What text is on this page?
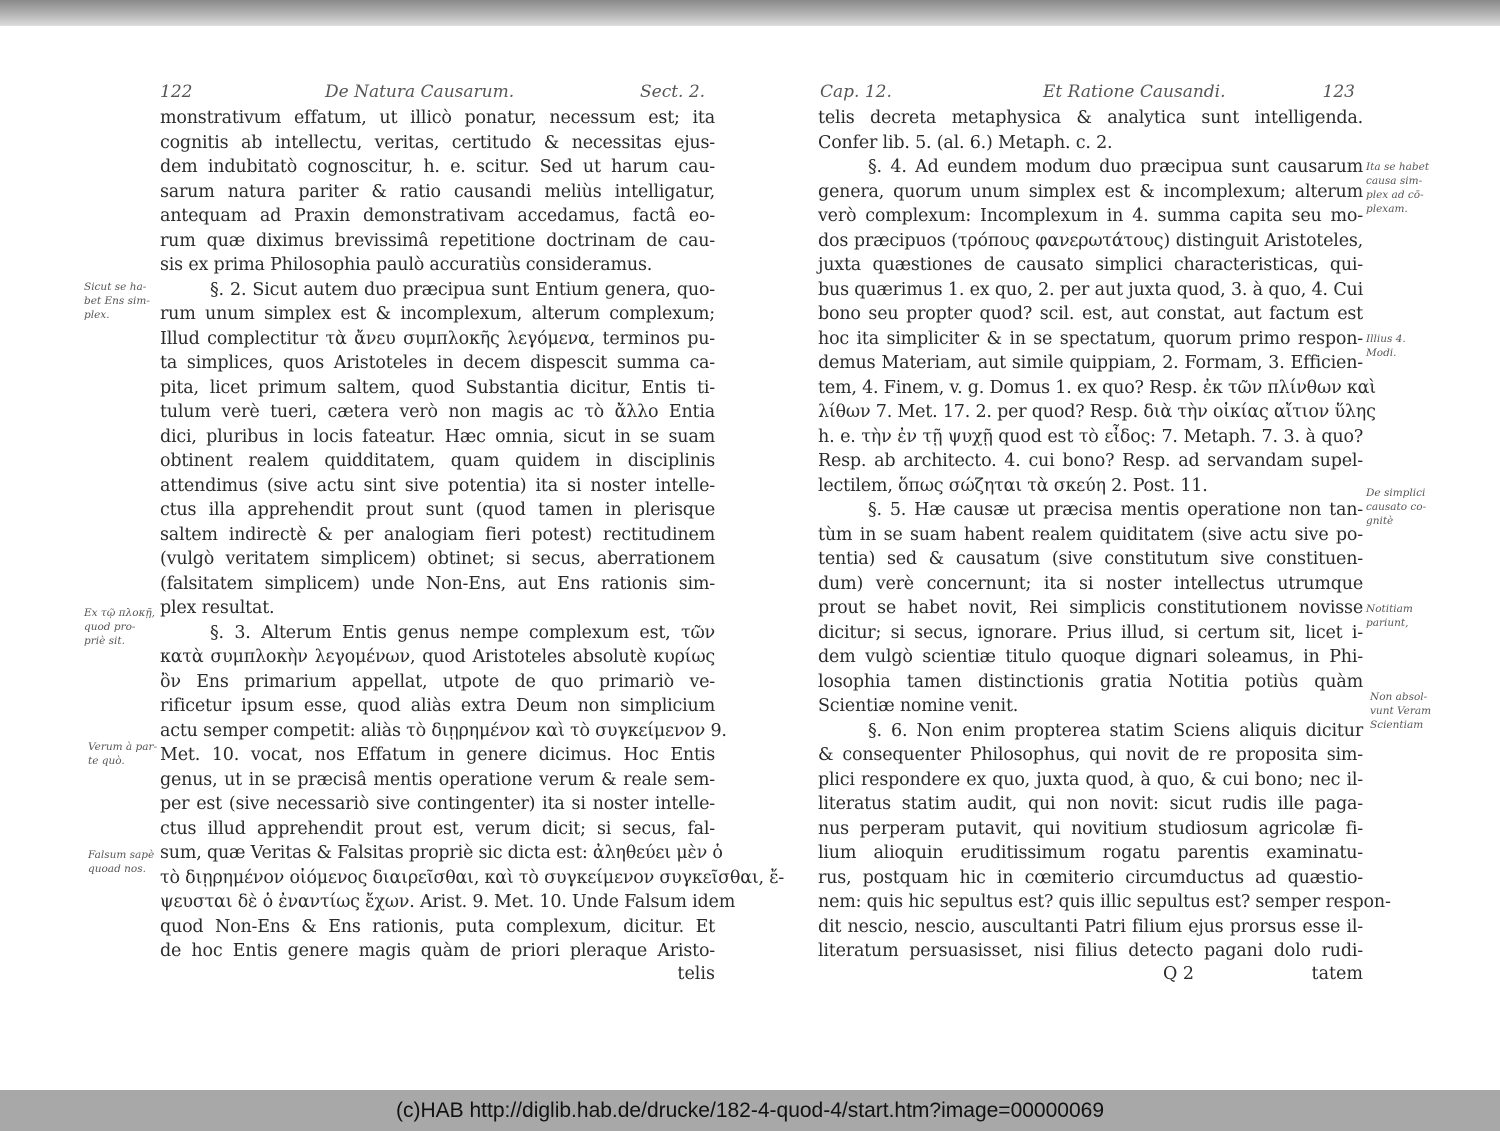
122	De Natura Causarum.	Sect. 2.
monstrativum effatum, ut illicò ponatur, necessum est; ita
cognitis ab intellectu, veritas, certitudo & necessitas ejus-
dem indubitatò cognoscitur, h. e. scitur. Sed ut harum cau-
sarum natura pariter & ratio causandi meliùs intelligatur,
antequam ad Praxin demonstrativam accedamus, factâ eo-
rum quæ diximus brevissimâ repetitione doctrinam de cau-
sis ex prima Philosophia paulò accuratiùs consideramus.
§. 2. Sicut autem duo præcipua sunt Entium genera, quo-
rum unum simplex est & incomplexum, alterum complexum;
Illud complectitur τὰ ἄνευ συμπλοκῆς λεγόμενα, terminos pu-
ta simplices, quos Aristoteles in decem dispescit summa ca-
pita, licet primum saltem, quod Substantia dicitur, Entis ti-
tulum verè tueri, cætera verò non magis ac τὸ ἄλλο Entia
dici, pluribus in locis fateatur. Hæc omnia, sicut in se suam
obtinent realem quidditatem, quam quidem in disciplinis
attendimus (sive actu sint sive potentia) ita si noster intelle-
ctus illa apprehendit prout sunt (quod tamen in plerisque
saltem indirectè & per analogiam fieri potest) rectitudinem
(vulgò veritatem simplicem) obtinet; si secus, aberrationem
(falsitatem simplicem) unde Non-Ens, aut Ens rationis sim-
plex resultat.
§. 3. Alterum Entis genus nempe complexum est, τῶν
κατὰ συμπλοκὴν λεγομένων, quod Aristoteles absolutè κυρίως
ὂν Ens primarium appellat, utpote de quo primariò ve-
rificetur ipsum esse, quod aliàs extra Deum non simplicium
actu semper competit: aliàs τὸ διῃρημένον καὶ τὸ συγκείμενον 9.
Met. 10. vocat, nos Effatum in genere dicimus. Hoc Entis
genus, ut in se præcisâ mentis operatione verum & reale sem-
per est (sive necessariò sive contingenter) ita si noster intelle-
ctus illud apprehendit prout est, verum dicit; si secus, fal-
sum, quæ Veritas & Falsitas propriè sic dicta est: ἀληθεύει μὲν ὁ
τὸ διῃρημένον οἰόμενος διαιρεῖσθαι, καὶ τὸ συγκείμενον συγκεῖσθαι, ἔ-
ψευσται δὲ ὁ ἐναντίως ἔχων. Arist. 9. Met. 10. Unde Falsum idem
quod Non-Ens & Ens rationis, puta complexum, dicitur. Et
de hoc Entis genere magis quàm de priori pleraque Aristo-
telis
Sicut se ha-
bet Ens sim-
plex.
Ex τῷ πλοκῇ,
quod pro-
priè sit.
Verum à par-
te quò.
Falsum sapè
quoad nos.
Cap. 12.	Et Ratione Causandi.	123
telis decreta metaphysica & analytica sunt intelligenda.
Confer lib. 5. (al. 6.) Metaph. c. 2.
§. 4. Ad eundem modum duo præcipua sunt causarum
genera, quorum unum simplex est & incomplexum; alterum
verò complexum: Incomplexum in 4. summa capita seu mo-
dos præcipuos (τρόπους φανερωτάτους) distinguit Aristoteles,
juxta quæstiones de causato simplici characteristicas, qui-
bus quærimus 1. ex quo, 2. per aut juxta quod, 3. à quo, 4. Cui
bono seu propter quod? scil. est, aut constat, aut factum est
hoc ita simpliciter & in se spectatum, quorum primo respon-
demus Materiam, aut simile quippiam, 2. Formam, 3. Efficien-
tem, 4. Finem, v. g. Domus 1. ex quo? Resp. ἐκ τῶν πλίνθων καὶ
λίθων 7. Met. 17. 2. per quod? Resp. διὰ τὴν οἰκίας αἴτιον ὕλης
h. e. τὴν ἐν τῇ ψυχῇ quod est τὸ εἶδος: 7. Metaph. 7. 3. à quo?
Resp. ab architecto. 4. cui bono? Resp. ad servandam supel-
lectilem, ὅπως σώζηται τὰ σκεύη 2. Post. 11.
§. 5. Hæ causæ ut præcisa mentis operatione non tan-
tùm in se suam habent realem quiditatem (sive actu sive po-
tentia) sed & causatum (sive constitutum sive constituen-
dum) verè concernunt; ita si noster intellectus utrumque
prout se habet novit, Rei simplicis constitutionem novisse
dicitur; si secus, ignorare. Prius illud, si certum sit, licet i-
dem vulgò scientiæ titulo quoque dignari soleamus, in Phi-
losophia tamen distinctionis gratia Notitia potiùs quàm
Scientiæ nomine venit.
§. 6. Non enim propterea statim Sciens aliquis dicitur
& consequenter Philosophus, qui novit de re proposita sim-
plici respondere ex quo, juxta quod, à quo, & cui bono; nec il-
literatus statim audit, qui non novit: sicut rudis ille paga-
nus perperam putavit, qui novitium studiosum agricolæ fi-
lium alioquin eruditissimum rogatu parentis examinatu-
rus, postquam hic in cœmiterio circumductus ad quæstio-
nem: quis hic sepultus est? quis illic sepultus est? semper respon-
dit nescio, nescio, auscultanti Patri filium ejus prorsus esse il-
literatum persuasisset, nisi filius detecto pagani dolo rudi-
Q 2	tatem
Ita se habet
causa sim-
plex ad cō-
plexam.
Illius 4.
Modi.
De simplici
causato co-
gnitè
Notitiam
pariunt,
Non absol-
vunt Veram
Scientiam
(c)HAB http://diglib.hab.de/drucke/182-4-quod-4/start.htm?image=00000069
